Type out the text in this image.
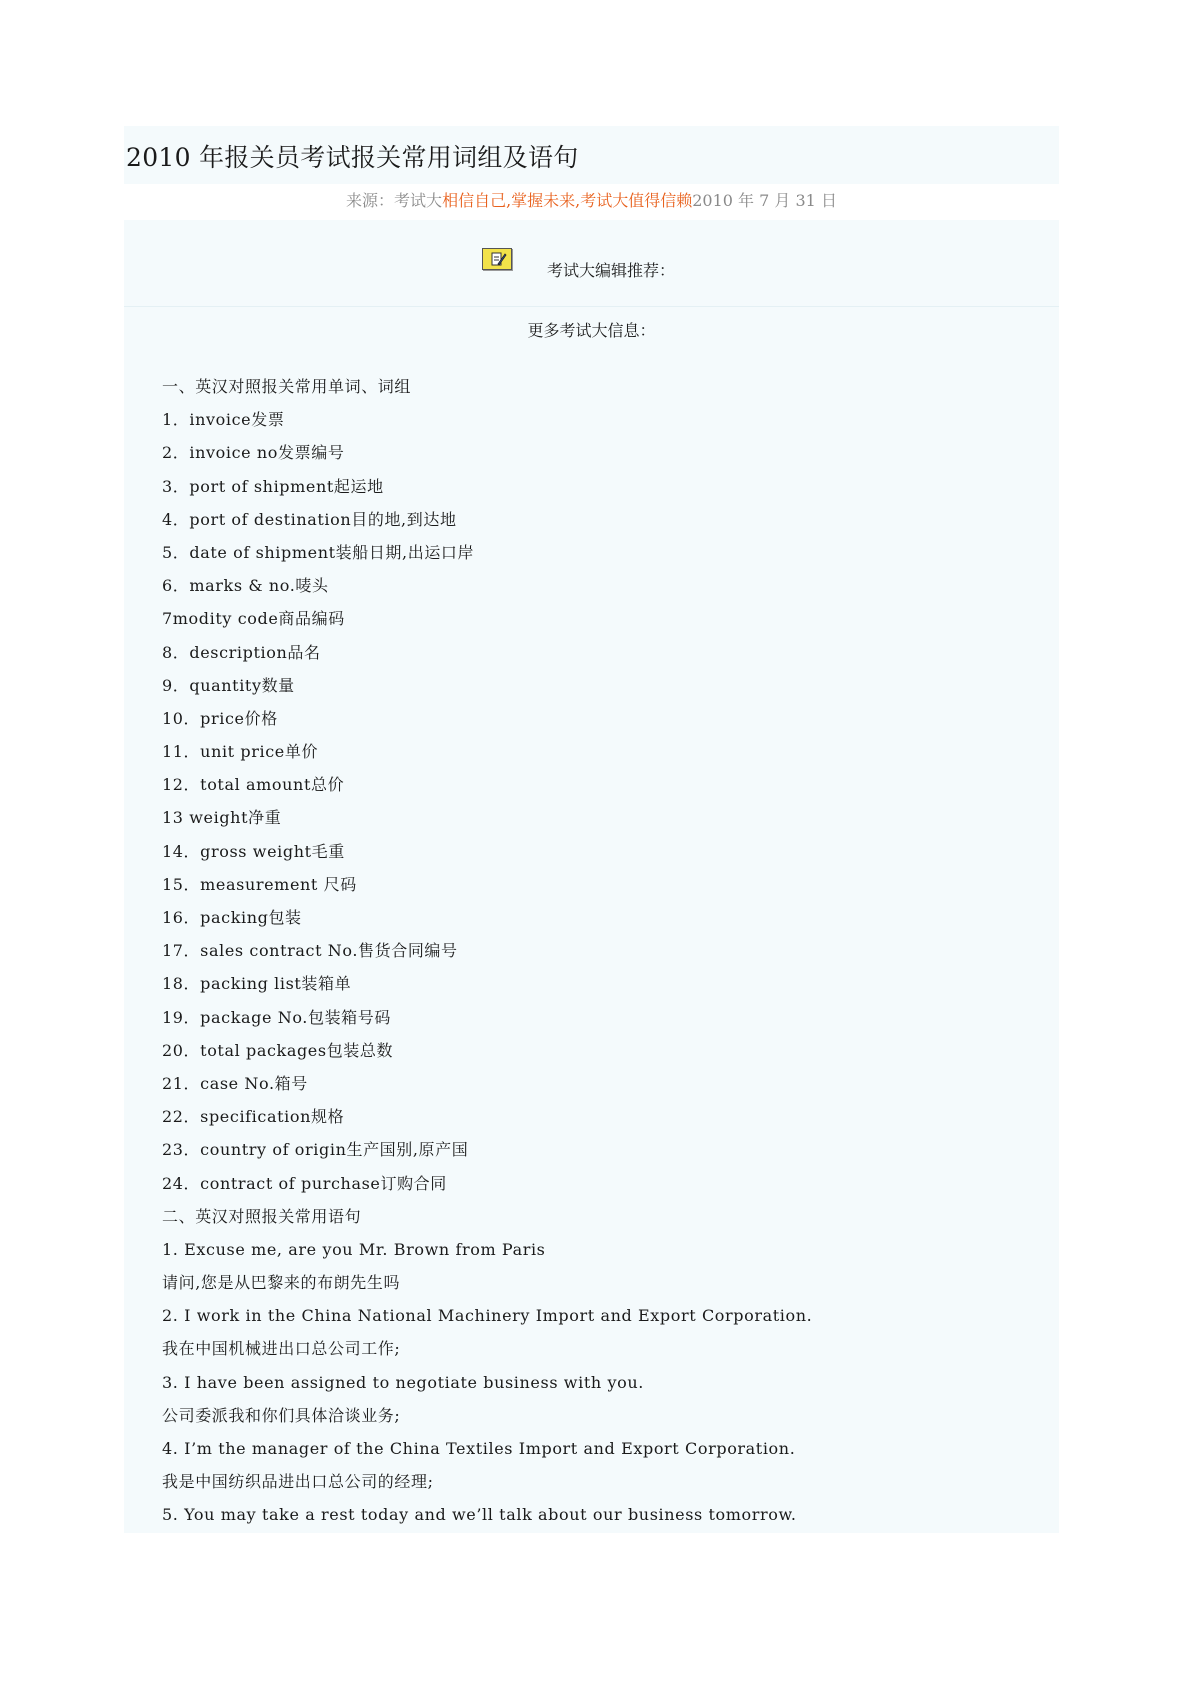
2010 年报关员考试报关常用词组及语句
来源：考试大相信自己,掌握未来,考试大值得信赖2010 年 7 月 31 日
考试大编辑推荐：
更多考试大信息：
一、英汉对照报关常用单词、词组
1．invoice发票
2．invoice no发票编号
3．port of shipment起运地
4．port of destination目的地,到达地
5．date of shipment装船日期,出运口岸
6．marks & no.唛头
7modity code商品编码
8．description品名
9．quantity数量
10．price价格
11．unit price单价
12．total amount总价
13 weight净重
14．gross weight毛重
15．measurement 尺码
16．packing包装
17．sales contract No.售货合同编号
18．packing list装箱单
19．package No.包装箱号码
20．total packages包装总数
21．case No.箱号
22．specification规格
23．country of origin生产国别,原产国
24．contract of purchase订购合同
二、英汉对照报关常用语句
1. Excuse me, are you Mr. Brown from Paris
请问,您是从巴黎来的布朗先生吗
2. I work in the China National Machinery Import and Export Corporation.
我在中国机械进出口总公司工作;
3. I have been assigned to negotiate business with you.
公司委派我和你们具体洽谈业务;
4. I’m the manager of the China Textiles Import and Export Corporation.
我是中国纺织品进出口总公司的经理;
5. You may take a rest today and we’ll talk about our business tomorrow.
